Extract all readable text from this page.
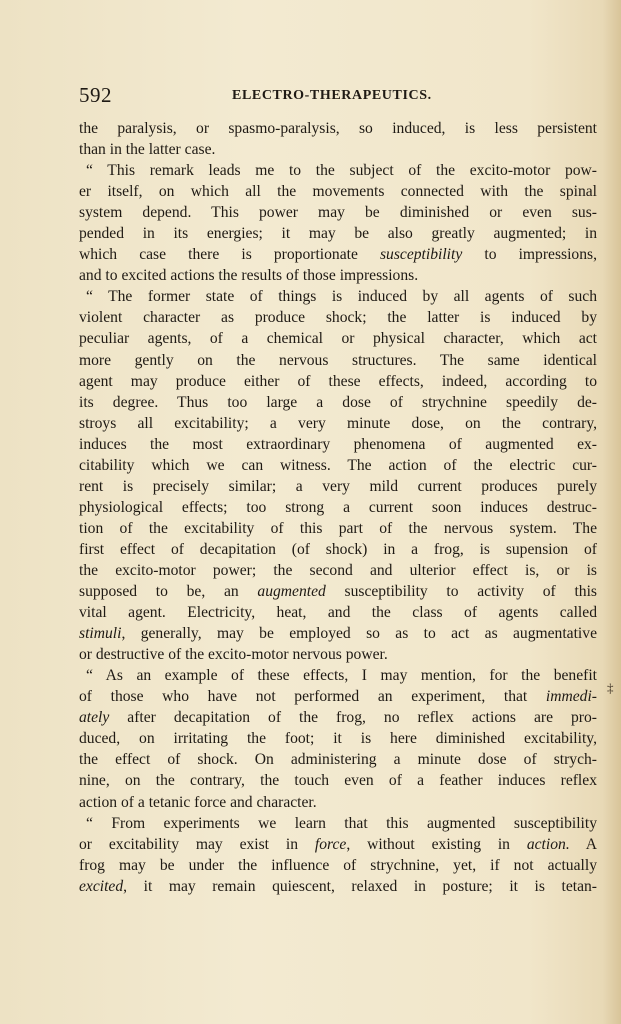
592	ELECTRO-THERAPEUTICS.
the paralysis, or spasmo-paralysis, so induced, is less persistent
than in the latter case.
“ This remark leads me to the subject of the excito-motor pow-
er itself, on which all the movements connected with the spinal
system depend. This power may be diminished or even sus-
pended in its energies; it may be also greatly augmented; in
which case there is proportionate susceptibility to impressions,
and to excited actions the results of those impressions.
“ The former state of things is induced by all agents of such
violent character as produce shock; the latter is induced by
peculiar agents, of a chemical or physical character, which act
more gently on the nervous structures. The same identical
agent may produce either of these effects, indeed, according to
its degree. Thus too large a dose of strychnine speedily de-
stroys all excitability; a very minute dose, on the contrary,
induces the most extraordinary phenomena of augmented ex-
citability which we can witness. The action of the electric cur-
rent is precisely similar; a very mild current produces purely
physiological effects; too strong a current soon induces destruc-
tion of the excitability of this part of the nervous system. The
first effect of decapitation (of shock) in a frog, is supension of
the excito-motor power; the second and ulterior effect is, or is
supposed to be, an augmented susceptibility to activity of this
vital agent. Electricity, heat, and the class of agents called
stimuli, generally, may be employed so as to act as augmentative
or destructive of the excito-motor nervous power.
“ As an example of these effects, I may mention, for the benefit
of those who have not performed an experiment, that immedi-
ately after decapitation of the frog, no reflex actions are pro-
duced, on irritating the foot; it is here diminished excitability,
the effect of shock. On administering a minute dose of strych-
nine, on the contrary, the touch even of a feather induces reflex
action of a tetanic force and character.
“ From experiments we learn that this augmented susceptibility
or excitability may exist in force, without existing in action. A
frog may be under the influence of strychnine, yet, if not actually
excited, it may remain quiescent, relaxed in posture; it is tetan-
‡
